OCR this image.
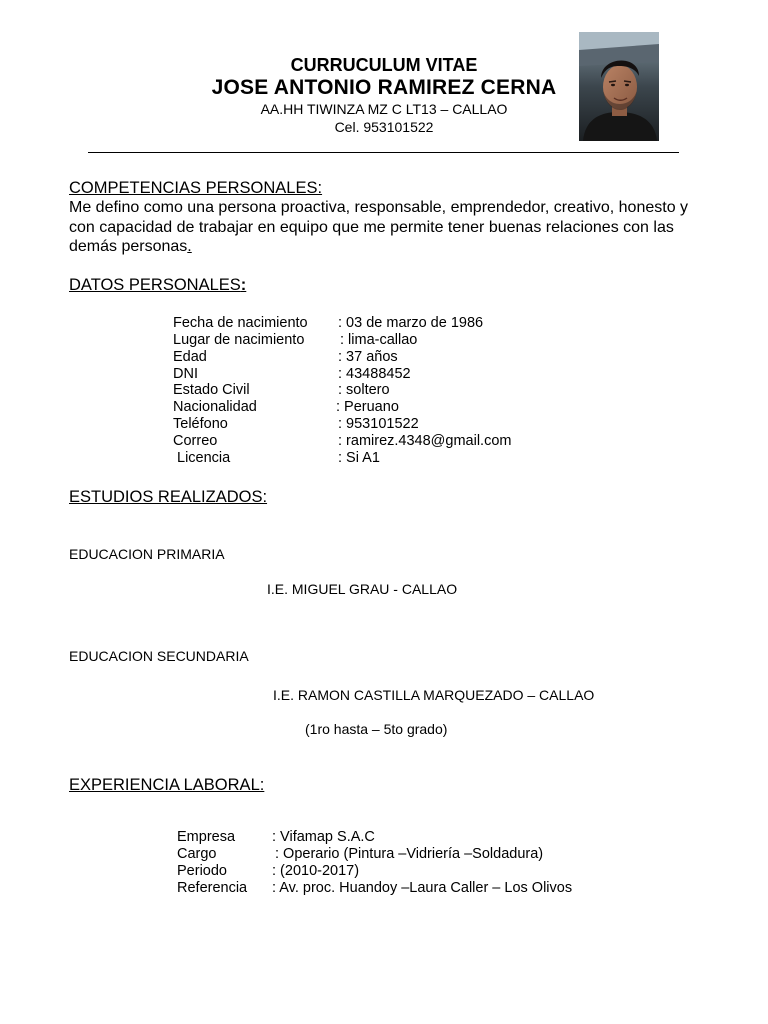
CURRUCULUM VITAE
JOSE ANTONIO RAMIREZ CERNA
AA.HH TIWINZA MZ C LT13 – CALLAO
Cel. 953101522
COMPETENCIAS PERSONALES:
Me defino como una persona proactiva, responsable, emprendedor, creativo, honesto y con capacidad de trabajar en equipo que me permite tener buenas relaciones con las demás personas.
DATOS PERSONALES:
Fecha de nacimiento : 03 de marzo de 1986
Lugar de nacimiento : lima-callao
Edad	: 37 años
DNI	: 43488452
Estado Civil	: soltero
Nacionalidad	: Peruano
Teléfono	: 953101522
Correo	: ramirez.4348@gmail.com
Licencia	: Si A1
ESTUDIOS REALIZADOS:
EDUCACION PRIMARIA
I.E. MIGUEL GRAU - CALLAO
EDUCACION SECUNDARIA
I.E. RAMON CASTILLA MARQUEZADO – CALLAO
(1ro hasta – 5to grado)
EXPERIENCIA LABORAL:
Empresa	: Vifamap S.A.C
Cargo	: Operario (Pintura –Vidriería –Soldadura)
Periodo	: (2010-2017)
Referencia : Av. proc. Huandoy –Laura Caller – Los Olivos
